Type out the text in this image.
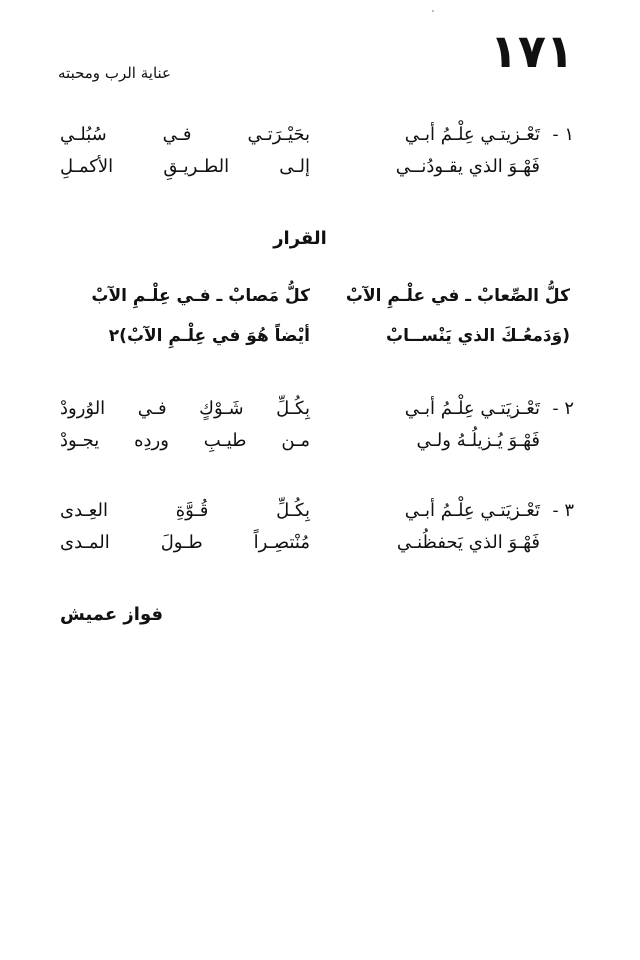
١٧١
عناية الرب ومحبته
١ -
تَعْـزيتـي عِلْـمُ أبـي
بحَيْـرَتـي فـي سُبُلـي
فَهْـوَ الذي يقـودُنــي
إلـى الطـريـقِ الأكمـلِ
القرار
كلُّ الصِّعابْ ـ في علْـمِ الآبْ
كلُّ مَصابْ ـ فـي عِلْـمِ الآبْ
(وَدَمعُـكَ الذي يَنْســابْ
أيْضاً هُوَ في عِلْـمِ الآبْ)٢
٢ -
تَعْـزيَتـي عِلْـمُ أبـي
بِكُـلِّ شَـوْكٍ فـي الوُرودْ
فَهْـوَ يُـزيلُـهُ ولـي
مـن طيـبِ وردِه يجـودْ
٣ -
تَعْـزيَتـي عِلْـمُ أبـي
بِكُـلِّ قُـوَّةِ العِـدى
فَهْـوَ الذي يَحفظُنـي
مُنْتصِـراً طـولَ المـدى
فواز عميش
